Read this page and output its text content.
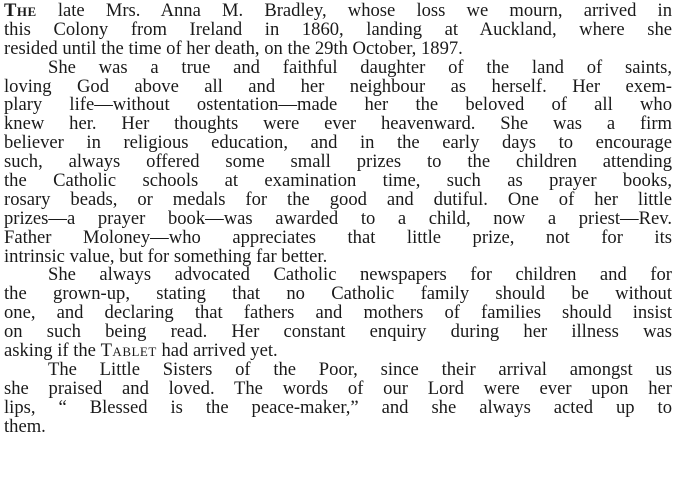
The late Mrs. Anna M. Bradley, whose loss we mourn, arrived in
this Colony from Ireland in 1860, landing at Auckland, where she
resided until the time of her death, on the 29th October, 1897.
She was a true and faithful daughter of the land of saints,
loving God above all and her neighbour as herself. Her exem-
plary life—without ostentation—made her the beloved of all who
knew her. Her thoughts were ever heavenward. She was a firm
believer in religious education, and in the early days to encourage
such, always offered some small prizes to the children attending
the Catholic schools at examination time, such as prayer books,
rosary beads, or medals for the good and dutiful. One of her little
prizes—a prayer book—was awarded to a child, now a priest—Rev.
Father Moloney—who appreciates that little prize, not for its
intrinsic value, but for something far better.
She always advocated Catholic newspapers for children and for
the grown-up, stating that no Catholic family should be without
one, and declaring that fathers and mothers of families should insist
on such being read. Her constant enquiry during her illness was
asking if the Tablet had arrived yet.
The Little Sisters of the Poor, since their arrival amongst us
she praised and loved. The words of our Lord were ever upon her
lips, “ Blessed is the peace-maker,” and she always acted up to
them.
